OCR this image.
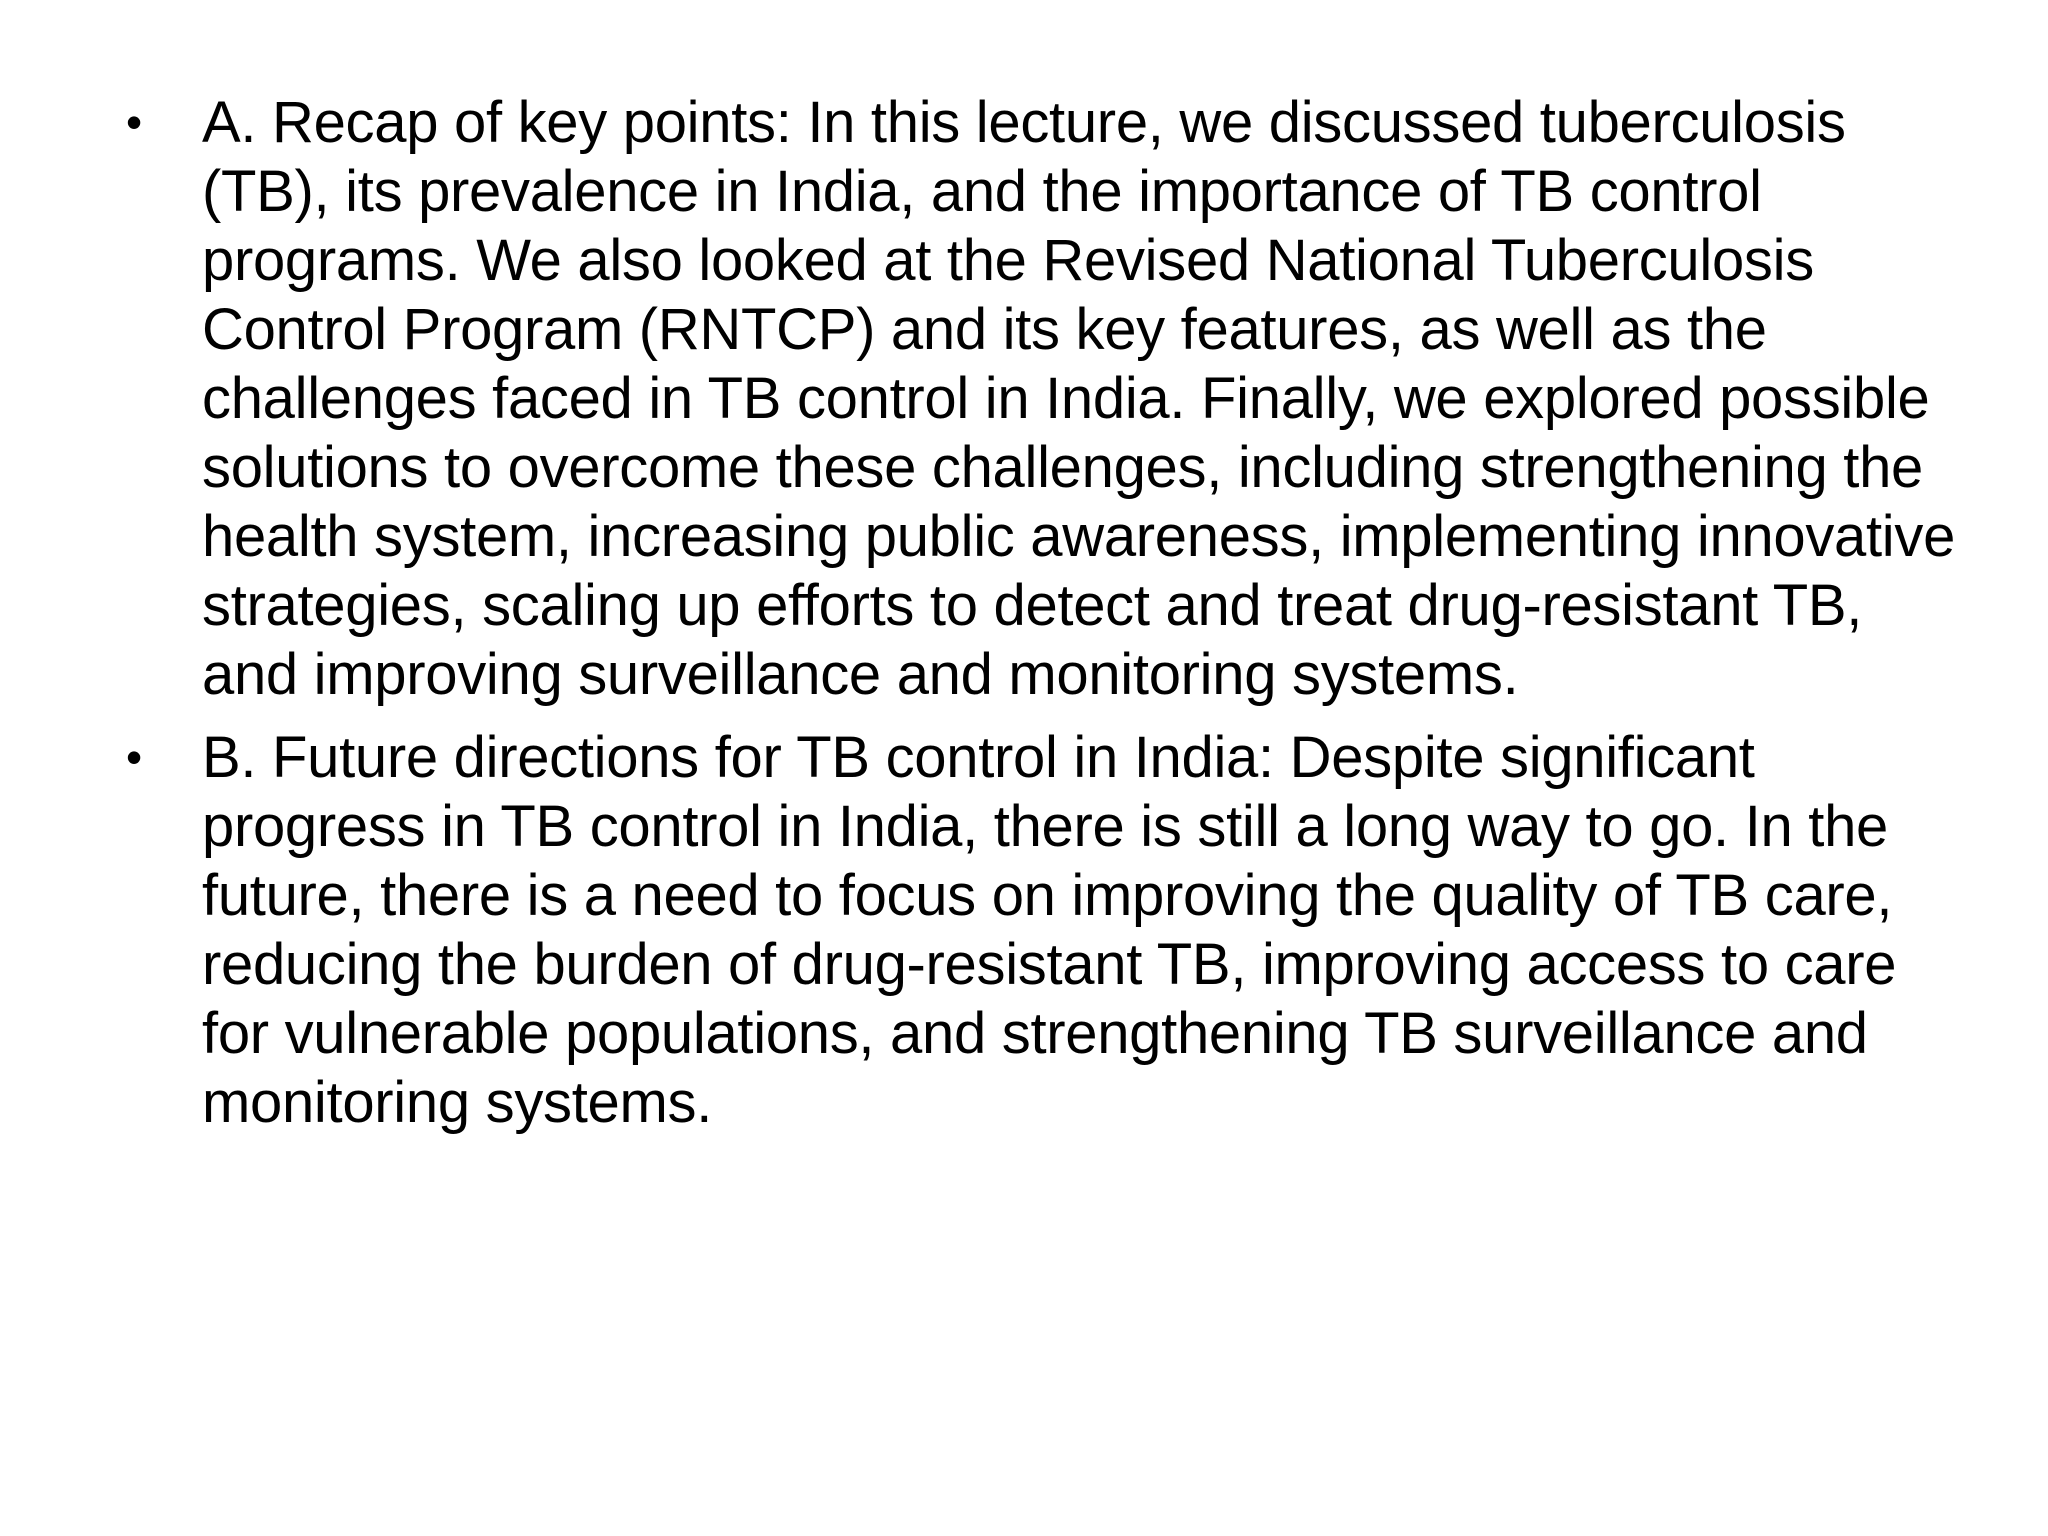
• A. Recap of key points: In this lecture, we discussed tuberculosis (TB), its prevalence in India, and the importance of TB control programs. We also looked at the Revised National Tuberculosis Control Program (RNTCP) and its key features, as well as the challenges faced in TB control in India. Finally, we explored possible solutions to overcome these challenges, including strengthening the health system, increasing public awareness, implementing innovative strategies, scaling up efforts to detect and treat drug-resistant TB, and improving surveillance and monitoring systems.
• B. Future directions for TB control in India: Despite significant progress in TB control in India, there is still a long way to go. In the future, there is a need to focus on improving the quality of TB care, reducing the burden of drug-resistant TB, improving access to care for vulnerable populations, and strengthening TB surveillance and monitoring systems.
